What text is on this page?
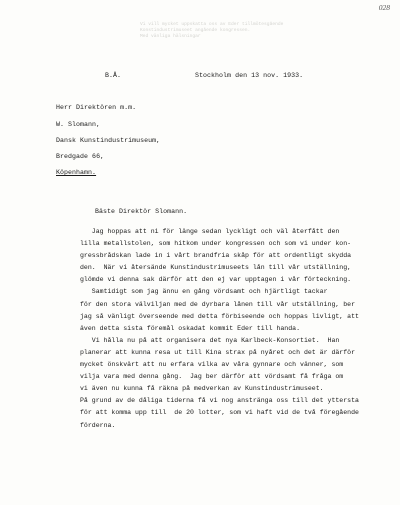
028
Vi vill mycket uppskatta oss av Eder tillmötesgående
Konstindustrimuseet angående kongressen.
Med vänliga hälsningar
B.Å.	Stockholm den 13 nov. 1933.
Herr Direktören m.m.
W. Slomann,
Dansk Kunstindustrimuseum,
Bredgade 66,
Köpenhamn.
Bäste Direktör Slomann.
Jag hoppas att ni för länge sedan lyckligt och väl återfått den
lilla metallstolen, som hitkom under kongressen och som vi under kon-
gressbrådskan lade in i vårt brandfria skåp för att ordentligt skydda
den.  När vi återsände Kunstindustrimuseets lån till vår utställning,
glömde vi denna sak därför att den ej var upptagen i vår förteckning.
Samtidigt som jag ännu en gång vördsamt och hjärtligt tackar
för den stora välviljan med de dyrbara lånen till vår utställning, ber
jag så vänligt överseende med detta förbiseende och hoppas livligt, att
även detta sista föremål oskadat kommit Eder till handa.
Vi hålla nu på att organisera det nya Karlbeck-Konsortiet.  Han
planerar att kunna resa ut till Kina strax på nyåret och det är därför
mycket önskvärt att nu erfara vilka av våra gynnare och vänner, som
vilja vara med denna gång.  Jag ber därför att vördsamt få fråga om
vi även nu kunna få räkna på medverkan av Kunstindustrimuseet.
På grund av de dåliga tiderna få vi nog anstränga oss till det yttersta
för att komma upp till  de 20 lotter, som vi haft vid de två föregående
förderna.
